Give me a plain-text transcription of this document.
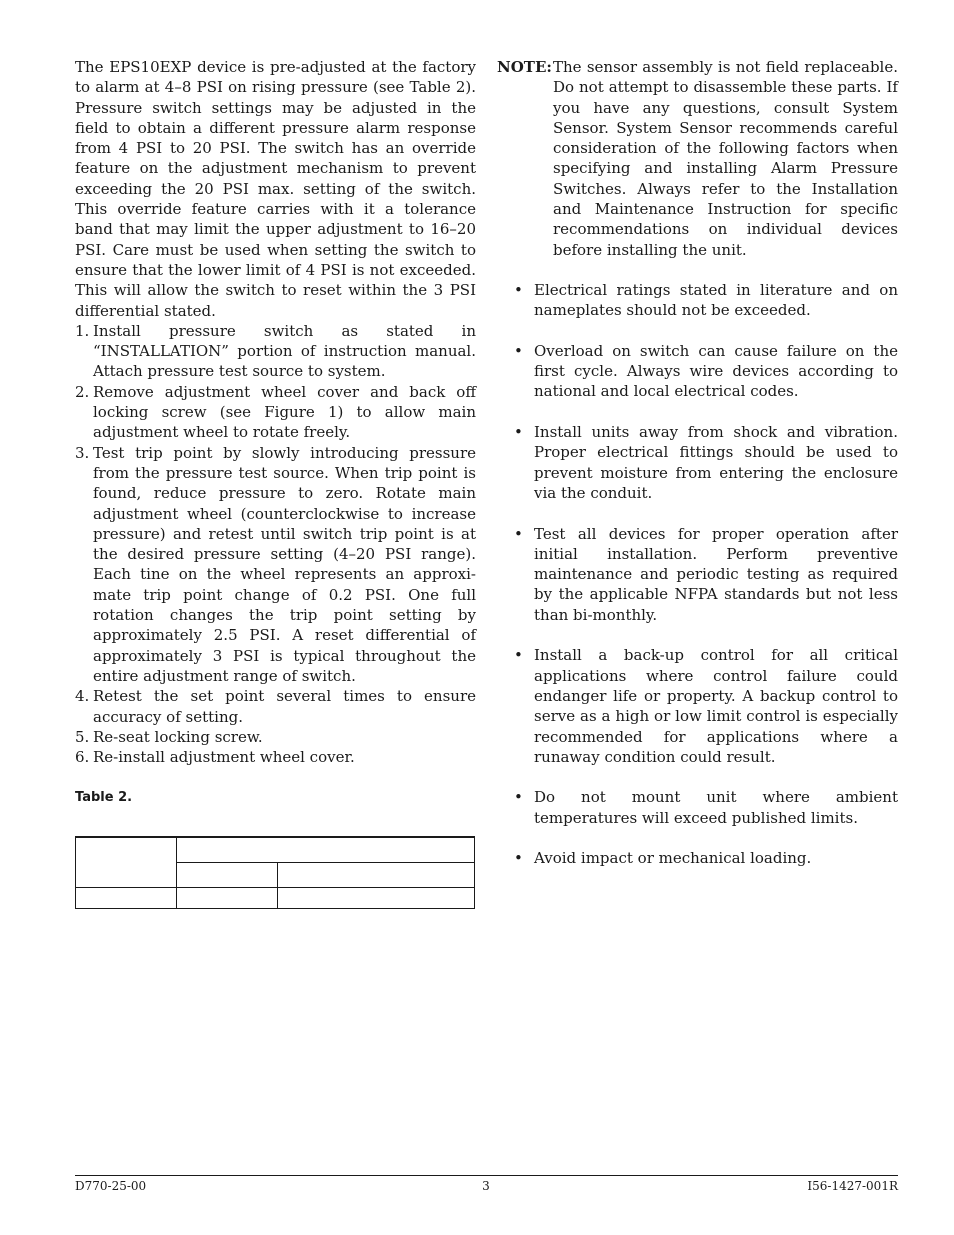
The EPS10EXP device is pre-adjusted at the factory to alarm at 4–8 PSI on rising pressure (see Table 2). Pressure switch settings may be adjusted in the field to obtain a different pressure alarm response from 4 PSI to 20 PSI. The switch has an override feature on the adjustment mechanism to prevent exceeding the 20 PSI max. setting of the switch. This override feature carries with it a tolerance band that may limit the upper adjustment to 16–20 PSI. Care must be used when setting the switch to ensure that the lower limit of 4 PSI is not exceeded. This will allow the switch to reset within the 3 PSI differential stated.

1. Install pressure switch as stated in “INSTALLATION” portion of instruction manual. Attach pressure test source to system.
2. Remove adjustment wheel cover and back off locking screw (see Figure 1) to allow main adjustment wheel to rotate freely.
3. Test trip point by slowly introducing pressure from the pressure test source. When trip point is found, reduce pressure to zero. Rotate main adjustment wheel (counterclockwise to increase pressure) and retest until switch trip point is at the desired pressure setting (4–20 PSI range). Each tine on the wheel represents an approximate trip point change of 0.2 PSI. One full rotation changes the trip point setting by approximately 2.5 PSI. A reset differential of approximately 3 PSI is typical throughout the entire adjustment range of switch.
4. Retest the set point several times to ensure accuracy of setting.
5. Re-seat locking screw.
6. Re-install adjustment wheel cover.
Table 2.

NOTE: The sensor assembly is not field replaceable. Do not attempt to disassemble these parts. If you have any questions, consult System Sensor. System Sensor recommends careful consideration of the following factors when specifying and installing Alarm Pressure Switches. Always refer to the Installation and Maintenance Instruction for specific recommendations on individual devices before installing the unit.
• Electrical ratings stated in literature and on nameplates should not be exceeded.
• Overload on switch can cause failure on the first cycle. Always wire devices according to national and local electrical codes.
• Install units away from shock and vibration. Proper electrical fittings should be used to prevent moisture from entering the enclosure via the conduit.
• Test all devices for proper operation after initial installation. Perform preventive maintenance and periodic testing as required by the applicable NFPA standards but not less than bi-monthly.
• Install a back-up control for all critical applications where control failure could endanger life or property. A backup control to serve as a high or low limit control is especially recommended for applications where a runaway condition could result.
• Do not mount unit where ambient temperatures will exceed published limits.
• Avoid impact or mechanical loading.
D770-25-00	3	I56-1427-001R
